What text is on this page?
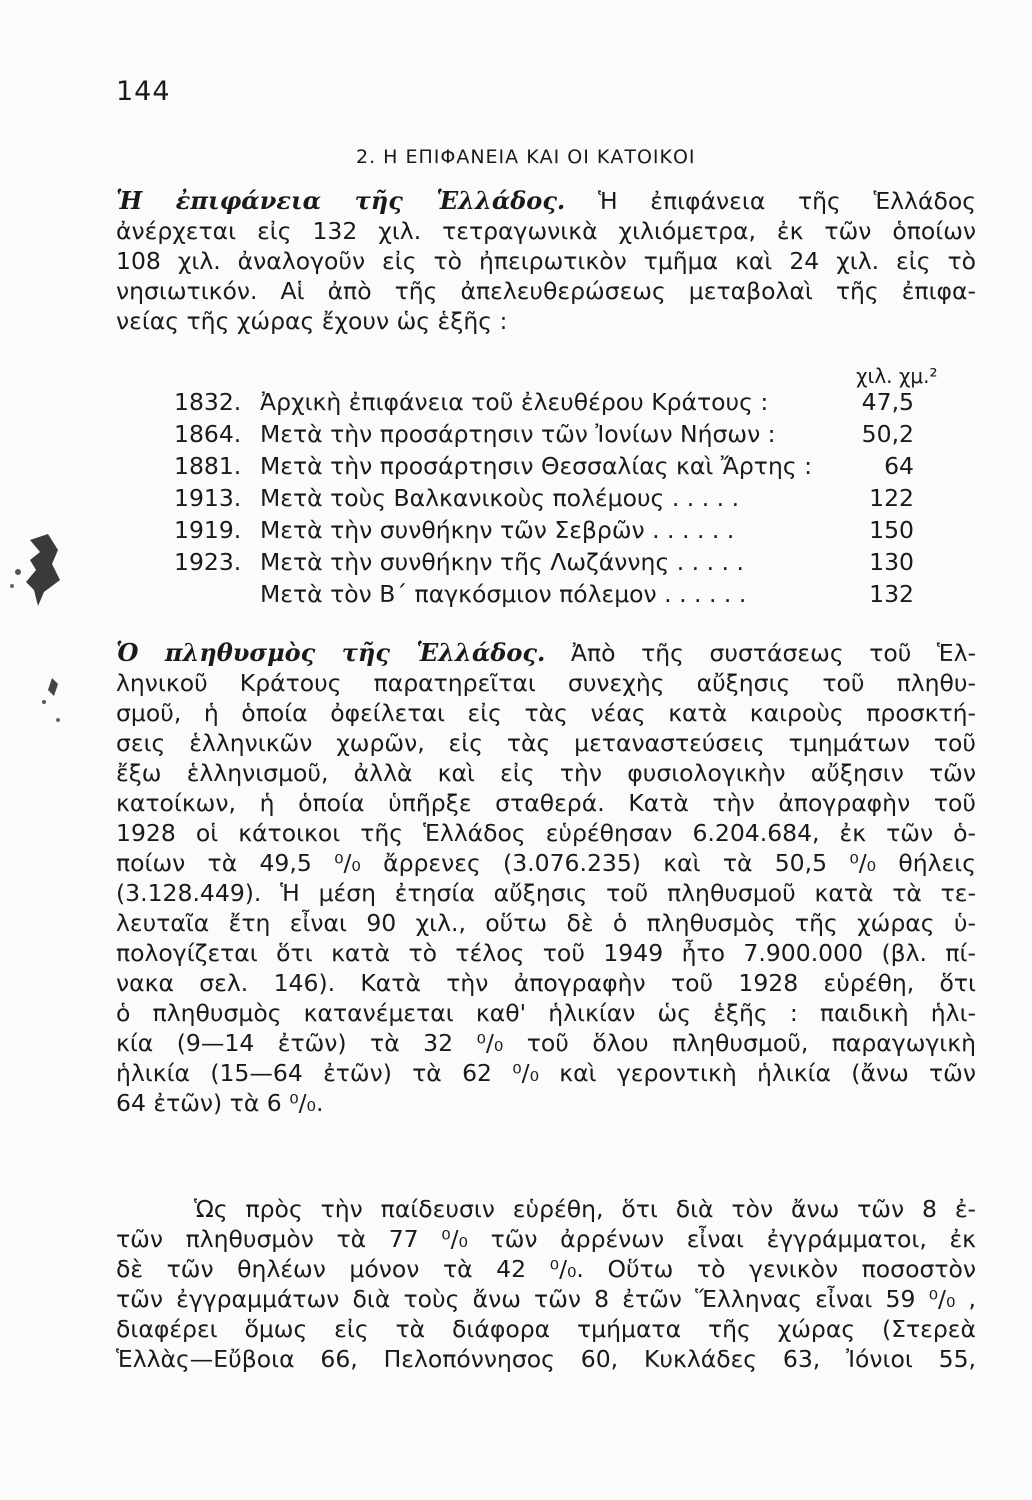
144
2. Η ΕΠΙΦΑΝΕΙΑ ΚΑΙ ΟΙ ΚΑΤΟΙΚΟΙ
Ἡ ἐπιφάνεια τῆς Ἑλλάδος. Ἡ ἐπιφάνεια τῆς Ἑλλάδος
ἀνέρχεται εἰς 132 χιλ. τετραγωνικὰ χιλιόμετρα, ἐκ τῶν ὁποίων
108 χιλ. ἀναλογοῦν εἰς τὸ ἠπειρωτικὸν τμῆμα καὶ 24 χιλ. εἰς τὸ
νησιωτικόν. Αἱ ἀπὸ τῆς ἀπελευθερώσεως μεταβολαὶ τῆς ἐπιφα-
νείας τῆς χώρας ἔχουν ὡς ἑξῆς :
χιλ. χμ.²
1832. Ἀρχικὴ ἐπιφάνεια τοῦ ἐλευθέρου Κράτους :	47,5
1864. Μετὰ τὴν προσάρτησιν τῶν Ἰονίων Νήσων :	50,2
1881. Μετὰ τὴν προσάρτησιν Θεσσαλίας καὶ Ἄρτης :	64
1913. Μετὰ τοὺς Βαλκανικοὺς πολέμους . . . . .	122
1919. Μετὰ τὴν συνθήκην τῶν Σεβρῶν . . . . . .	150
1923. Μετὰ τὴν συνθήκην τῆς Λωζάννης . . . . .	130
Μετὰ τὸν Β΄ παγκόσμιον πόλεμον . . . . . .	132
Ὁ πληθυσμὸς τῆς Ἑλλάδος. Ἀπὸ τῆς συστάσεως τοῦ Ἑλ-
ληνικοῦ Κράτους παρατηρεῖται συνεχὴς αὔξησις τοῦ πληθυ-
σμοῦ, ἡ ὁποία ὀφείλεται εἰς τὰς νέας κατὰ καιροὺς προσκτή-
σεις ἑλληνικῶν χωρῶν, εἰς τὰς μεταναστεύσεις τμημάτων τοῦ
ἔξω ἑλληνισμοῦ, ἀλλὰ καὶ εἰς τὴν φυσιολογικὴν αὔξησιν τῶν
κατοίκων, ἡ ὁποία ὑπῆρξε σταθερά. Κατὰ τὴν ἀπογραφὴν τοῦ
1928 οἱ κάτοικοι τῆς Ἑλλάδος εὑρέθησαν 6.204.684, ἐκ τῶν ὁ-
ποίων τὰ 49,5 ⁰/₀ ἄρρενες (3.076.235) καὶ τὰ 50,5 ⁰/₀ θήλεις
(3.128.449). Ἡ μέση ἐτησία αὔξησις τοῦ πληθυσμοῦ κατὰ τὰ τε-
λευταῖα ἔτη εἶναι 90 χιλ., οὕτω δὲ ὁ πληθυσμὸς τῆς χώρας ὑ-
πολογίζεται ὅτι κατὰ τὸ τέλος τοῦ 1949 ἦτο 7.900.000 (βλ. πί-
νακα σελ. 146). Κατὰ τὴν ἀπογραφὴν τοῦ 1928 εὑρέθη, ὅτι
ὁ πληθυσμὸς κατανέμεται καθ' ἡλικίαν ὡς ἑξῆς : παιδικὴ ἡλι-
κία (9—14 ἐτῶν) τὰ 32 ⁰/₀ τοῦ ὅλου πληθυσμοῦ, παραγωγικὴ
ἡλικία (15—64 ἐτῶν) τὰ 62 ⁰/₀ καὶ γεροντικὴ ἡλικία (ἄνω τῶν
64 ἐτῶν) τὰ 6 ⁰/₀.
Ὡς πρὸς τὴν παίδευσιν εὑρέθη, ὅτι διὰ τὸν ἄνω τῶν 8 ἐ-
τῶν πληθυσμὸν τὰ 77 ⁰/₀ τῶν ἀρρένων εἶναι ἐγγράμματοι, ἐκ
δὲ τῶν θηλέων μόνον τὰ 42 ⁰/₀. Οὕτω τὸ γενικὸν ποσοστὸν
τῶν ἐγγραμμάτων διὰ τοὺς ἄνω τῶν 8 ἐτῶν Ἕλληνας εἶναι 59 ⁰/₀ ,
διαφέρει ὅμως εἰς τὰ διάφορα τμήματα τῆς χώρας (Στερεὰ
Ἑλλὰς—Εὔβοια 66, Πελοπόννησος 60, Κυκλάδες 63, Ἰόνιοι 55,
